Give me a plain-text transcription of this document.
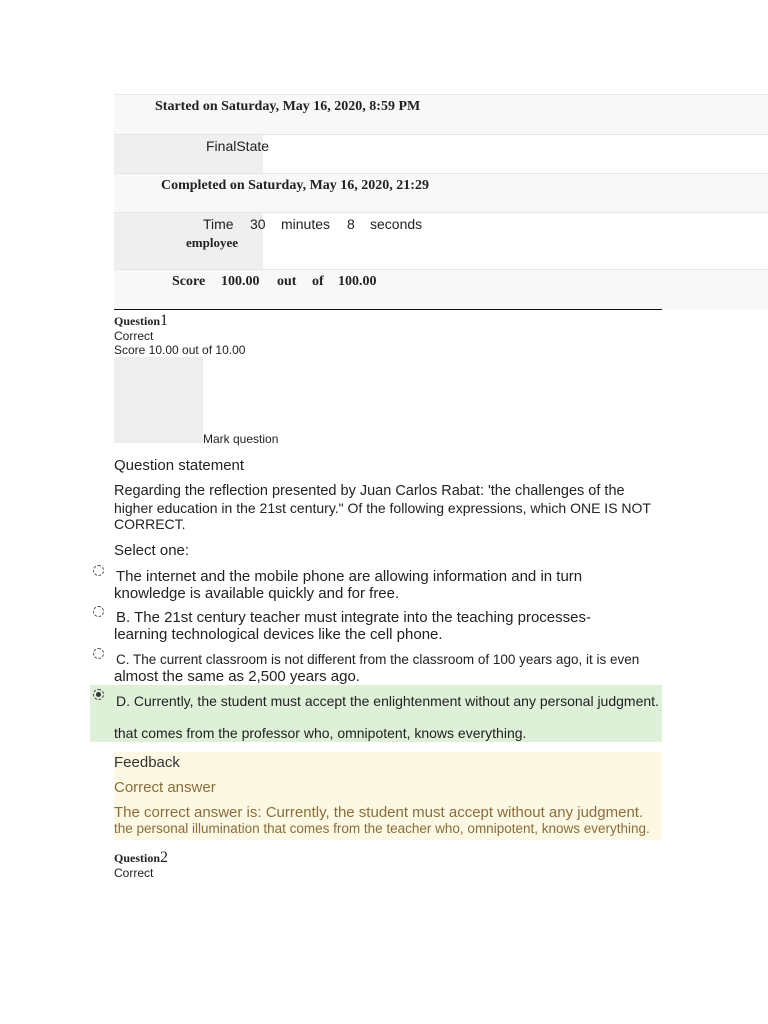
Started on Saturday, May 16, 2020, 8:59 PM
FinalState
Completed on Saturday, May 16, 2020, 21:29
Time 30 minutes 8 seconds
employee
Score 100.00 out of 100.00
Question1
Correct
Score 10.00 out of 10.00
Mark question
Question statement
Regarding the reflection presented by Juan Carlos Rabat: 'the challenges of the
higher education in the 21st century." Of the following expressions, which ONE IS NOT
CORRECT.
Select one:
The internet and the mobile phone are allowing information and in turn
knowledge is available quickly and for free.
B. The 21st century teacher must integrate into the teaching processes-
learning technological devices like the cell phone.
C. The current classroom is not different from the classroom of 100 years ago, it is even
almost the same as 2,500 years ago.
D. Currently, the student must accept the enlightenment without any personal judgment.
that comes from the professor who, omnipotent, knows everything.
Feedback
Correct answer
The correct answer is: Currently, the student must accept without any judgment.
the personal illumination that comes from the teacher who, omnipotent, knows everything.
Question2
Correct
